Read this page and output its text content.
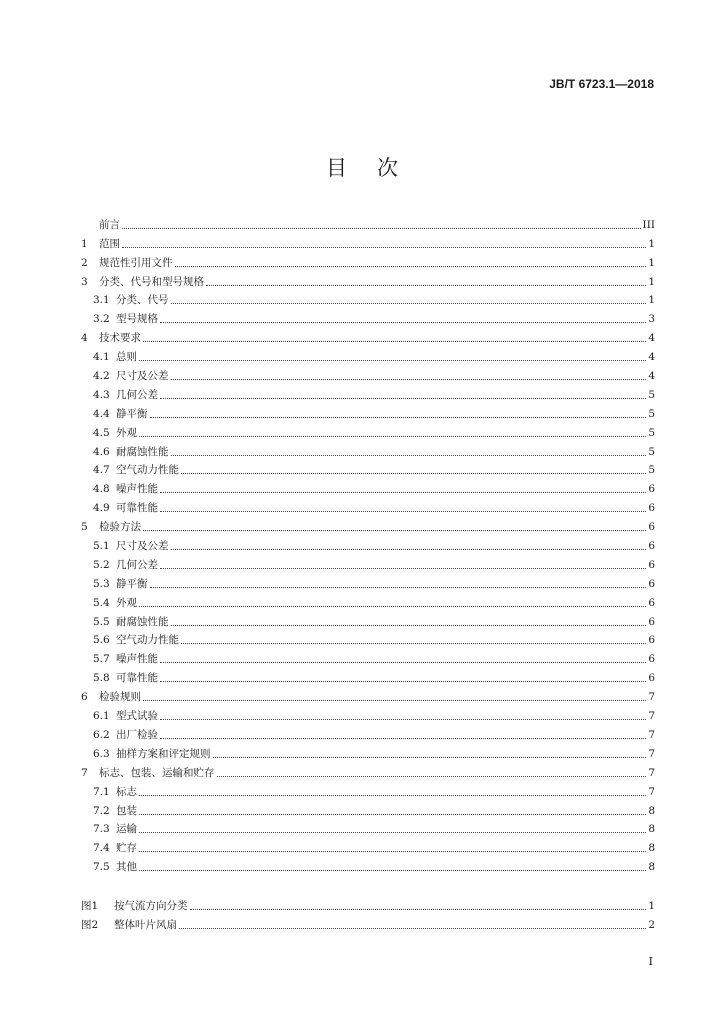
JB/T 6723.1—2018
目次
前言	III
1	范围	1
2	规范性引用文件	1
3	分类、代号和型号规格	1
3.1 分类、代号	1
3.2 型号规格	3
4	技术要求	4
4.1 总则	4
4.2 尺寸及公差	4
4.3 几何公差	5
4.4 静平衡	5
4.5 外观	5
4.6 耐腐蚀性能	5
4.7 空气动力性能	5
4.8 噪声性能	6
4.9 可靠性能	6
5	检验方法	6
5.1 尺寸及公差	6
5.2 几何公差	6
5.3 静平衡	6
5.4 外观	6
5.5 耐腐蚀性能	6
5.6 空气动力性能	6
5.7 噪声性能	6
5.8 可靠性能	6
6	检验规则	7
6.1 型式试验	7
6.2 出厂检验	7
6.3 抽样方案和评定规则	7
7	标志、包装、运输和贮存	7
7.1 标志	7
7.2 包装	8
7.3 运输	8
7.4 贮存	8
7.5 其他	8
图1	按气流方向分类	1
图2	整体叶片风扇	2
I
